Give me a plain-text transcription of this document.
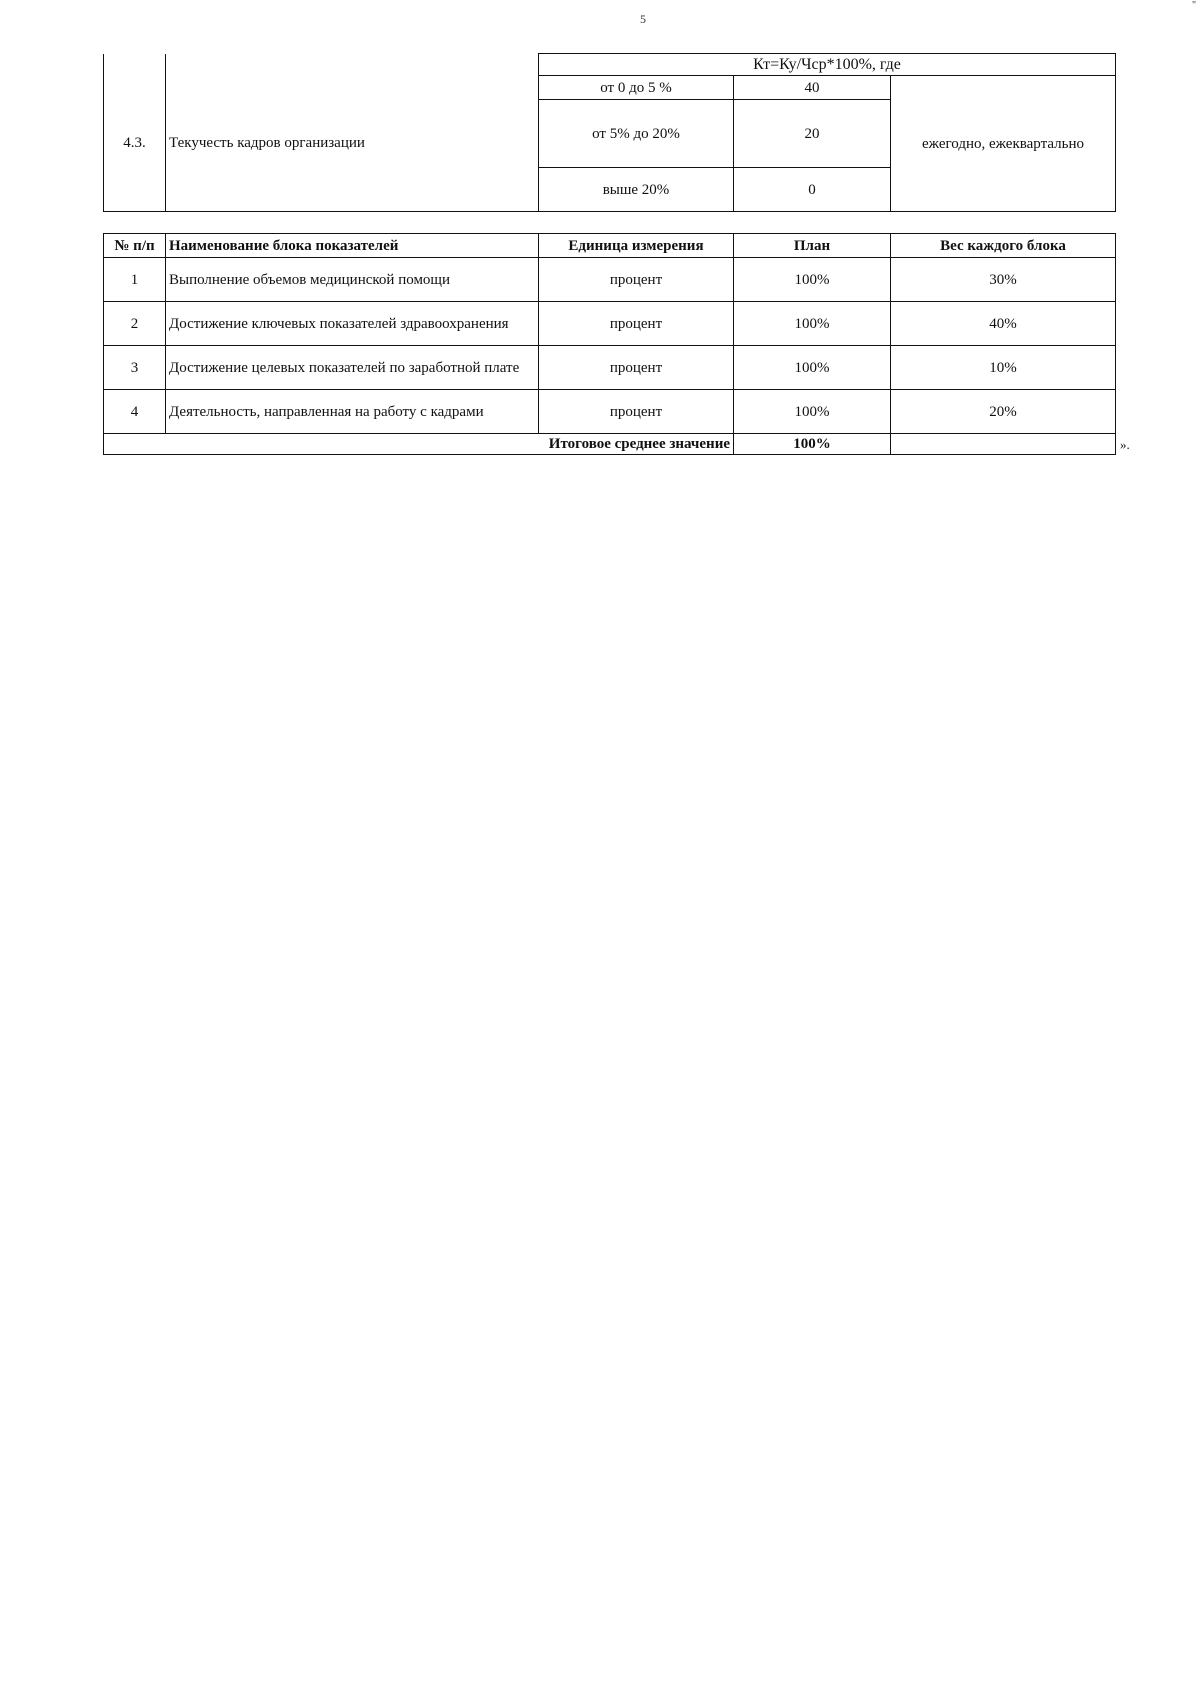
5
"
		Кт=Ку/Чср*100%, где		
4.3.	Текучесть кадров организации	от 0 до 5 %	40	ежегодно, ежеквартально
		от 5% до 20%	20	
		выше 20%	0	
№ п/п	Наименование блока показателей	Единица измерения	План	Вес каждого блока
1	Выполнение объемов медицинской помощи	процент	100%	30%
2	Достижение ключевых показателей здравоохранения	процент	100%	40%
3	Достижение целевых показателей по заработной плате	процент	100%	10%
4	Деятельность, направленная на работу с кадрами	процент	100%	20%
Итоговое среднее значение			100%		».
